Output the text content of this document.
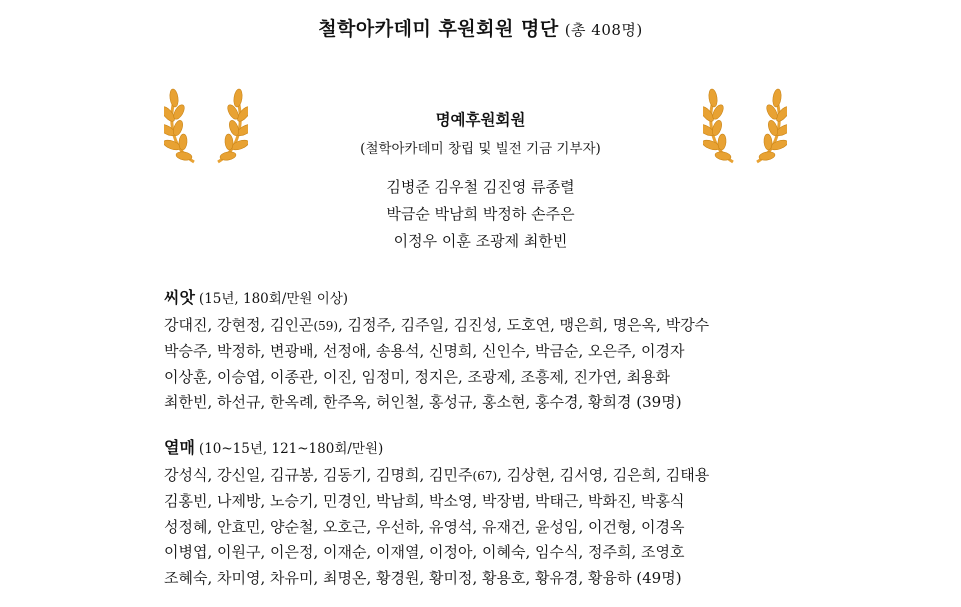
철학아카데미 후원회원 명단 (총 408명)
명예후원회원
(철학아카데미 창립 및 빌전 기금 기부자)
김병준 김우철 김진영 류종렬
박금순 박남희 박정하 손주은
이정우 이훈 조광제 최한빈
씨앗 (15년, 180회/만원 이상)
강대진, 강현정, 김인곤(59), 김정주, 김주일, 김진성, 도호연, 맹은희, 명은옥, 박강수
박승주, 박정하, 변광배, 선정애, 송용석, 신명희, 신인수, 박금순, 오은주, 이경자
이상훈, 이승엽, 이종관, 이진, 임정미, 정지은, 조광제, 조흥제, 진가연, 최용화
최한빈, 하선규, 한옥례, 한주옥, 허인철, 홍성규, 홍소현, 홍수경, 황희경 (39명)
열매 (10~15년, 121~180회/만원)
강성식, 강신일, 김규봉, 김동기, 김명희, 김민주(67), 김상현, 김서영, 김은희, 김태용
김홍빈, 나제방, 노승기, 민경인, 박남희, 박소영, 박장범, 박태근, 박화진, 박홍식
성정혜, 안효민, 양순철, 오호근, 우선하, 유영석, 유재건, 윤성임, 이건형, 이경옥
이병엽, 이원구, 이은정, 이재순, 이재열, 이정아, 이혜숙, 임수식, 정주희, 조영호
조혜숙, 차미영, 차유미, 최명온, 황경원, 황미정, 황용호, 황유경, 황융하 (49명)
